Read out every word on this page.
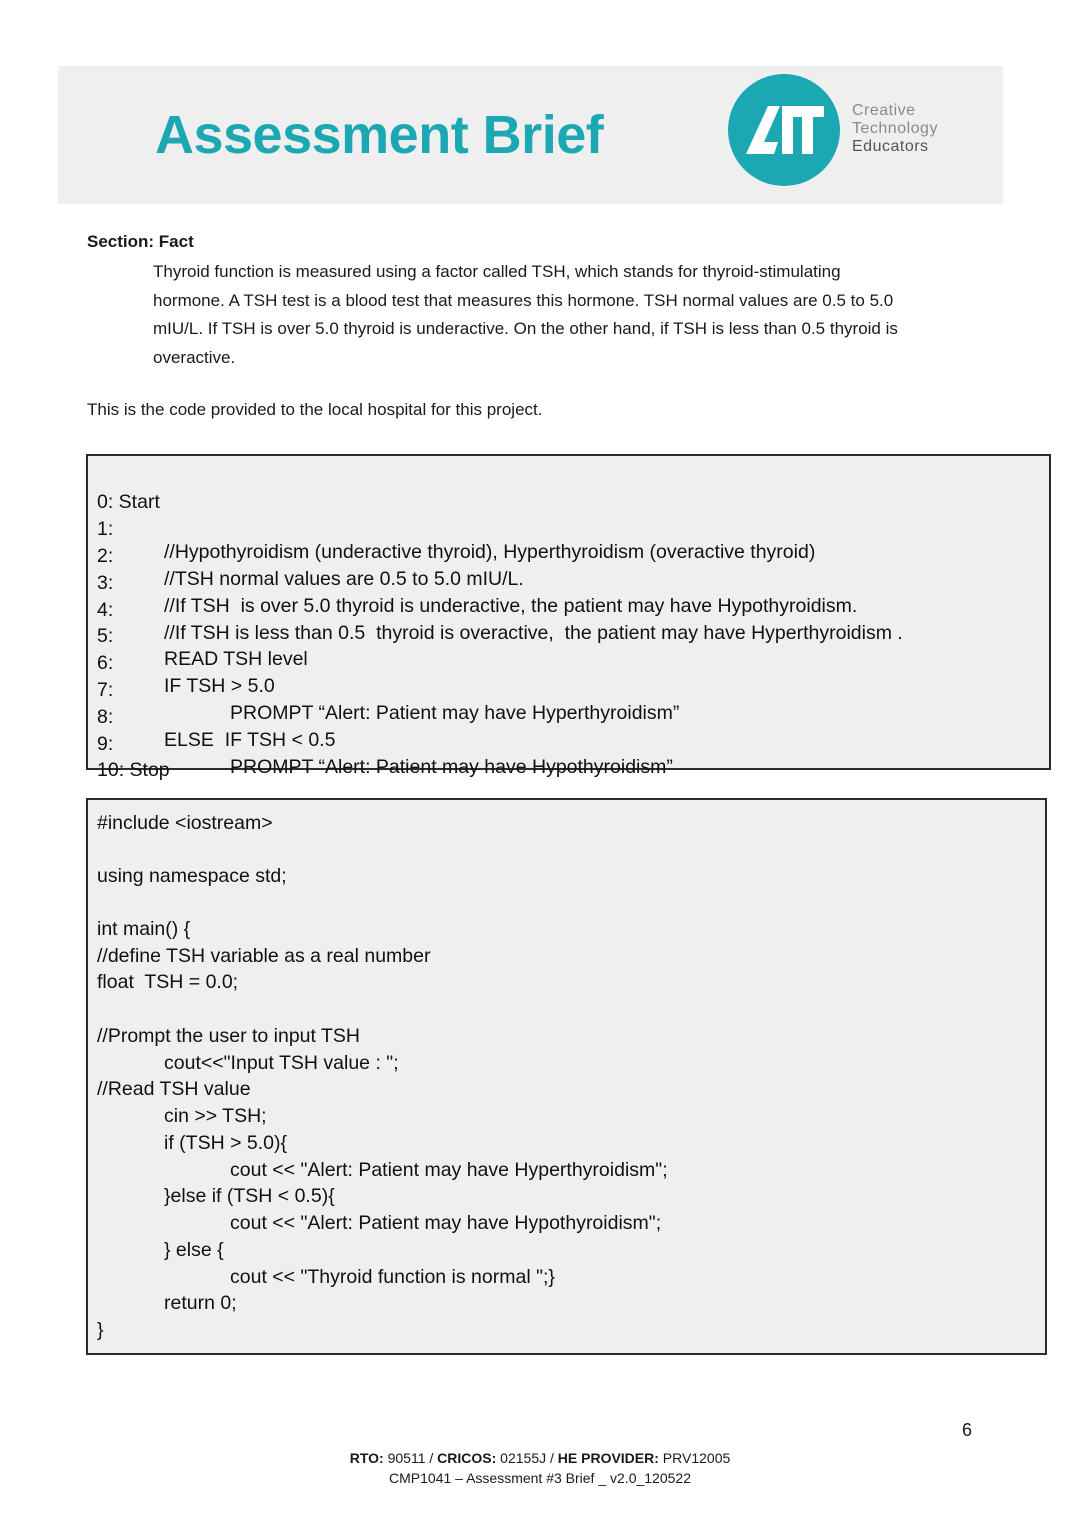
Assessment Brief	Creative
Technology
Educators
Section: Fact
Thyroid function is measured using a factor called TSH, which stands for thyroid-stimulating
hormone. A TSH test is a blood test that measures this hormone. TSH normal values are 0.5 to 5.0
mIU/L. If TSH is over 5.0 thyroid is underactive. On the other hand, if TSH is less than 0.5 thyroid is
overactive.
This is the code provided to the local hospital for this project.

0: Start

1:

//Hypothyroidism (underactive thyroid), Hyperthyroidism (overactive thyroid)

2:

//TSH normal values are 0.5 to 5.0 mIU/L.

3:

//If TSH  is over 5.0 thyroid is underactive, the patient may have Hypothyroidism.

4:

//If TSH is less than 0.5  thyroid is overactive,  the patient may have Hyperthyroidism .

5:

READ TSH level

6:

IF TSH > 5.0

7:

PROMPT “Alert: Patient may have Hyperthyroidism”

8:

ELSE  IF TSH < 0.5

9:

PROMPT “Alert: Patient may have Hypothyroidism”

10: Stop

#include <iostream>
using namespace std;
int main() {
//define TSH variable as a real number
float  TSH = 0.0;
//Prompt the user to input TSH
cout<<"Input TSH value : ";
//Read TSH value
cin >> TSH;
if (TSH > 5.0){
cout << "Alert: Patient may have Hyperthyroidism";
}else if (TSH < 0.5){
cout << "Alert: Patient may have Hypothyroidism";
} else {
cout << "Thyroid function is normal ";}
return 0;
}
6
RTO: 90511 / CRICOS: 02155J / HE PROVIDER: PRV12005
CMP1041 – Assessment #3 Brief _ v2.0_120522
